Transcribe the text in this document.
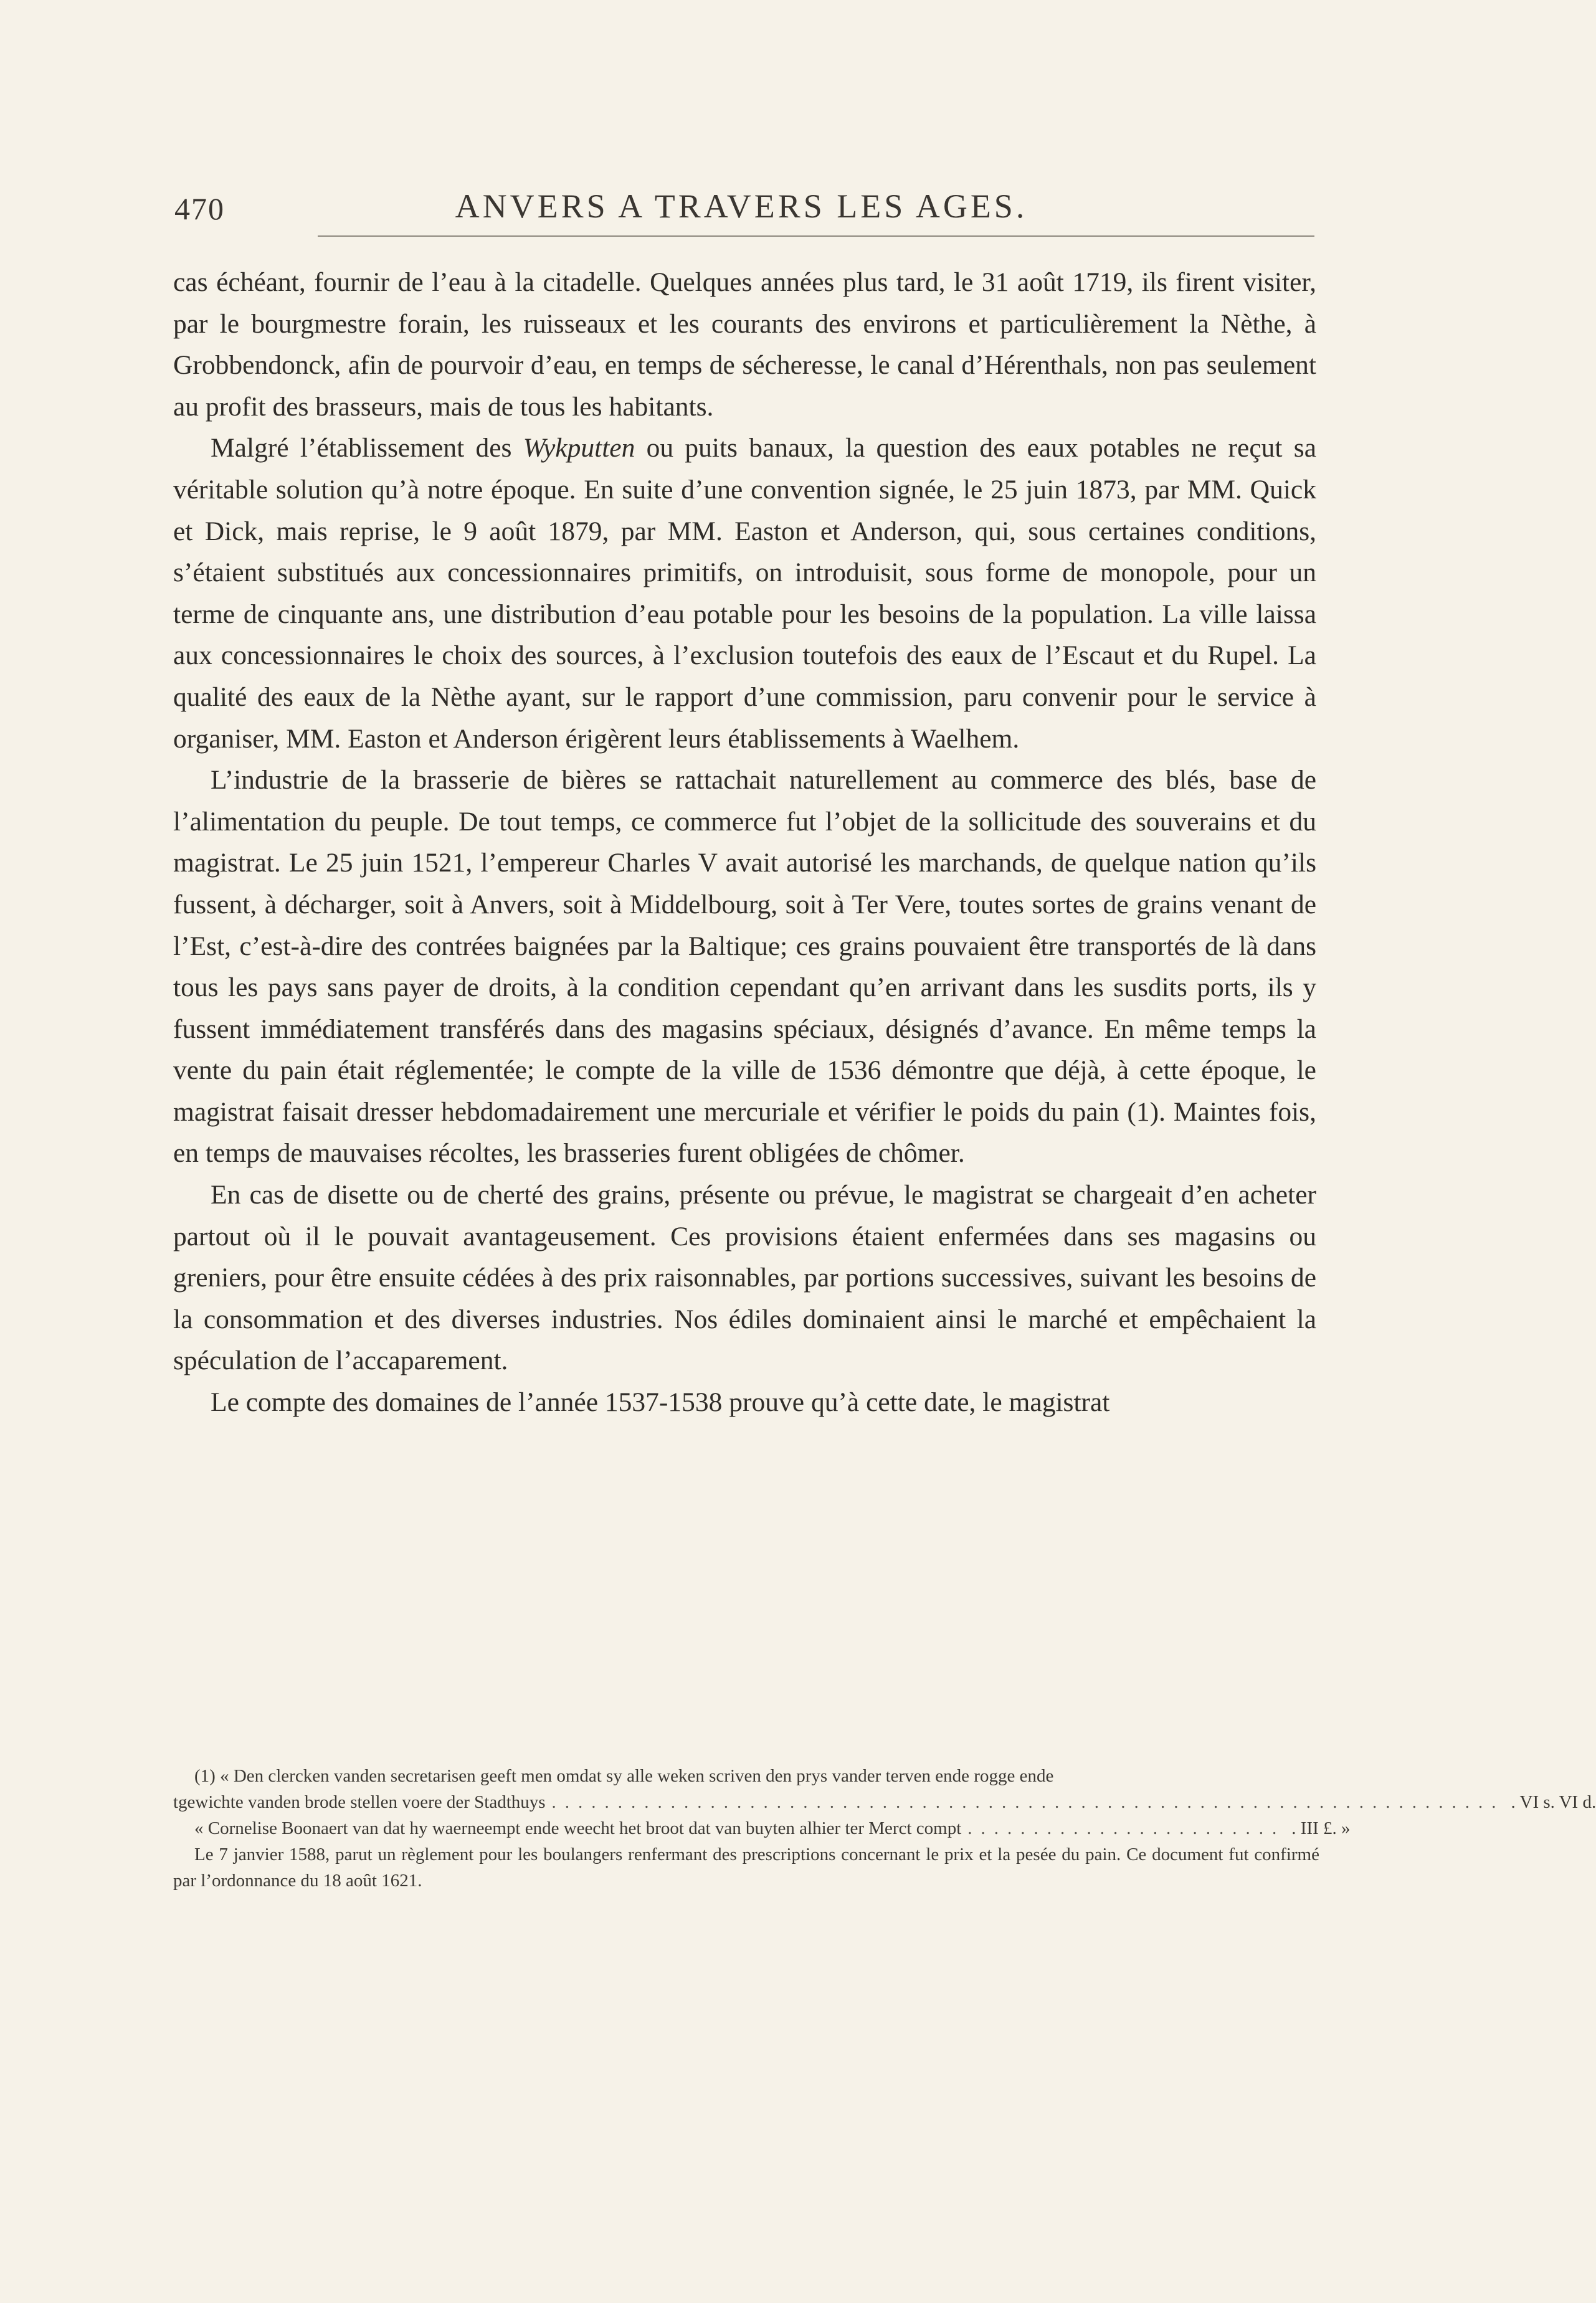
470	ANVERS A TRAVERS LES AGES.

cas échéant, fournir de l’eau à la citadelle. Quelques années plus tard, le 31 août 1719, ils firent visiter, par le bourgmestre forain, les ruisseaux et les courants des environs et particulièrement la Nèthe, à Grobbendonck, afin de pourvoir d’eau, en temps de sécheresse, le canal d’Hérenthals, non pas seulement au profit des brasseurs, mais de tous les habitants.

Malgré l’établissement des Wykputten ou puits banaux, la question des eaux potables ne reçut sa véritable solution qu’à notre époque. En suite d’une convention signée, le 25 juin 1873, par MM. Quick et Dick, mais reprise, le 9 août 1879, par MM. Easton et Anderson, qui, sous certaines conditions, s’étaient substitués aux concessionnaires primitifs, on introduisit, sous forme de monopole, pour un terme de cinquante ans, une distribution d’eau potable pour les besoins de la population. La ville laissa aux concessionnaires le choix des sources, à l’exclusion toutefois des eaux de l’Escaut et du Rupel. La qualité des eaux de la Nèthe ayant, sur le rapport d’une commission, paru convenir pour le service à organiser, MM. Easton et Anderson érigèrent leurs établissements à Waelhem.

L’industrie de la brasserie de bières se rattachait naturellement au commerce des blés, base de l’alimentation du peuple. De tout temps, ce commerce fut l’objet de la sollicitude des souverains et du magistrat. Le 25 juin 1521, l’empereur Charles V avait autorisé les marchands, de quelque nation qu’ils fussent, à décharger, soit à Anvers, soit à Middelbourg, soit à Ter Vere, toutes sortes de grains venant de l’Est, c’est-à-dire des contrées baignées par la Baltique; ces grains pouvaient être transportés de là dans tous les pays sans payer de droits, à la condition cependant qu’en arrivant dans les susdits ports, ils y fussent immédiatement transférés dans des magasins spéciaux, désignés d’avance. En même temps la vente du pain était réglementée; le compte de la ville de 1536 démontre que déjà, à cette époque, le magistrat faisait dresser hebdomadairement une mercuriale et vérifier le poids du pain (1). Maintes fois, en temps de mauvaises récoltes, les brasseries furent obligées de chômer.

En cas de disette ou de cherté des grains, présente ou prévue, le magistrat se chargeait d’en acheter partout où il le pouvait avantageusement. Ces provisions étaient enfermées dans ses magasins ou greniers, pour être ensuite cédées à des prix raisonnables, par portions successives, suivant les besoins de la consommation et des diverses industries. Nos édiles dominaient ainsi le marché et empêchaient la spéculation de l’accaparement.

Le compte des domaines de l’année 1537-1538 prouve qu’à cette date, le magistrat

(1) « Den clercken vanden secretarisen geeft men omdat sy alle weken scriven den prys vander terven ende rogge ende

tgewichte vanden brode stellen voere der Stadthuys ........................................................................ . VI s. VI d.
« Cornelise Boonaert van dat hy waerneempt ende weecht het broot dat van buyten alhier ter Merct compt ........................ . III £. »

Le 7 janvier 1588, parut un règlement pour les boulangers renfermant des prescriptions concernant le prix et la pesée du pain. Ce document fut confirmé par l’ordonnance du 18 août 1621.
